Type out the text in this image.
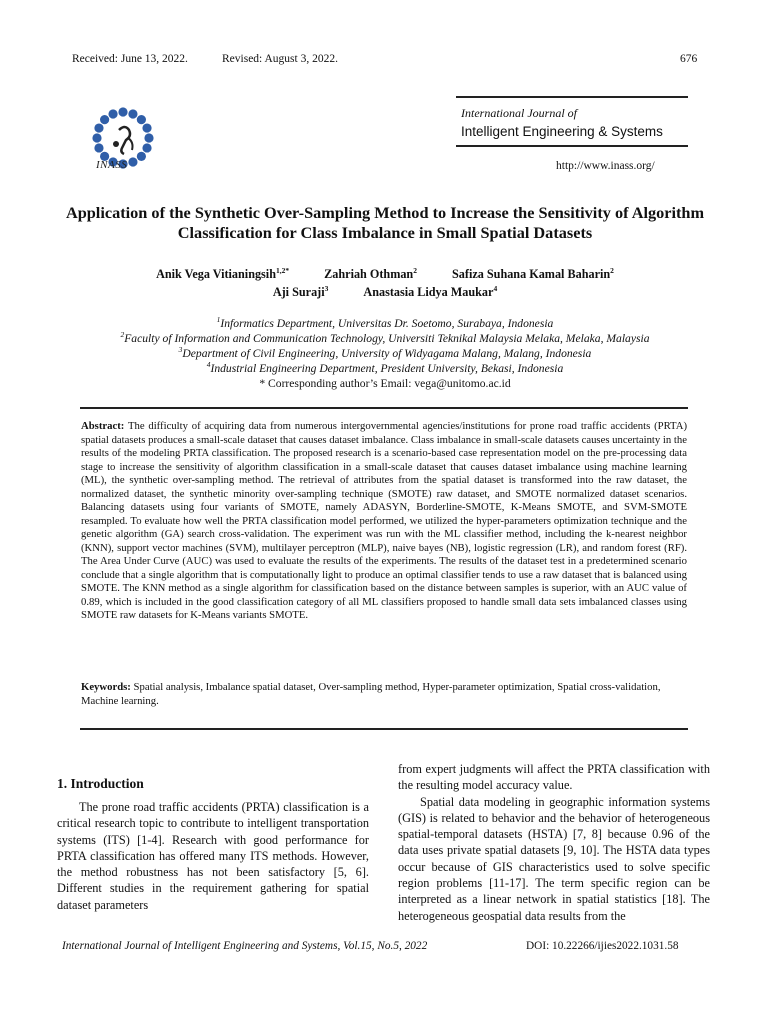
Received: June 13, 2022.	Revised: August 3, 2022.	676
INASS
International Journal of
Intelligent Engineering & Systems
http://www.inass.org/
Application of the Synthetic Over-Sampling Method to Increase the Sensitivity of Algorithm Classification for Class Imbalance in Small Spatial Datasets
Anik Vega Vitianingsih$^{1,2*}$	Zahriah Othman$^2$	Safiza Suhana Kamal Baharin$^2$
Aji Suraji$^3$	Anastasia Lidya Maukar$^4$
$^1$Informatics Department, Universitas Dr. Soetomo, Surabaya, Indonesia
$^2$Faculty of Information and Communication Technology, Universiti Teknikal Malaysia Melaka, Melaka, Malaysia
$^3$Department of Civil Engineering, University of Widyagama Malang, Malang, Indonesia
$^4$Industrial Engineering Department, President University, Bekasi, Indonesia
* Corresponding author’s Email: vega@unitomo.ac.id
Abstract: The difficulty of acquiring data from numerous intergovernmental agencies/institutions for prone road traffic accidents (PRTA) spatial datasets produces a small-scale dataset that causes dataset imbalance. Class imbalance in small-scale datasets causes uncertainty in the results of the modeling PRTA classification. The proposed research is a scenario-based case representation model on the pre-processing data stage to increase the sensitivity of algorithm classification in a small-scale dataset that causes dataset imbalance using machine learning (ML), the synthetic over-sampling method. The retrieval of attributes from the spatial dataset is transformed into the raw dataset, the normalized dataset, the synthetic minority over-sampling technique (SMOTE) raw dataset, and SMOTE normalized dataset scenarios. Balancing datasets using four variants of SMOTE, namely ADASYN, Borderline-SMOTE, K-Means SMOTE, and SVM-SMOTE resampled. To evaluate how well the PRTA classification model performed, we utilized the hyper-parameters optimization technique and the genetic algorithm (GA) search cross-validation. The experiment was run with the ML classifier method, including the k-nearest neighbor (KNN), support vector machines (SVM), multilayer perceptron (MLP), naive bayes (NB), logistic regression (LR), and random forest (RF). The Area Under Curve (AUC) was used to evaluate the results of the experiments. The results of the dataset test in a predetermined scenario conclude that a single algorithm that is computationally light to produce an optimal classifier tends to use a raw dataset that is balanced using SMOTE. The KNN method as a single algorithm for classification based on the distance between samples is superior, with an AUC value of 0.89, which is included in the good classification category of all ML classifiers proposed to handle small data sets imbalanced classes using SMOTE raw datasets for K-Means variants SMOTE.
Keywords: Spatial analysis, Imbalance spatial dataset, Over-sampling method, Hyper-parameter optimization, Spatial cross-validation, Machine learning.
1. Introduction
The prone road traffic accidents (PRTA) classification is a critical research topic to contribute to intelligent transportation systems (ITS) [1-4]. Research with good performance for PRTA classification has offered many ITS methods. However, the method robustness has not been satisfactory [5, 6]. Different studies in the requirement gathering for spatial dataset parameters
from expert judgments will affect the PRTA classification with the resulting model accuracy value.
Spatial data modeling in geographic information systems (GIS) is related to behavior and the behavior of heterogeneous spatial-temporal datasets (HSTA) [7, 8] because 0.96 of the data uses private spatial datasets [9, 10]. The HSTA data types occur because of GIS characteristics used to solve specific region problems [11-17]. The term specific region can be interpreted as a linear network in spatial statistics [18]. The heterogeneous geospatial data results from the
International Journal of Intelligent Engineering and Systems, Vol.15, No.5, 2022	DOI: 10.22266/ijies2022.1031.58
